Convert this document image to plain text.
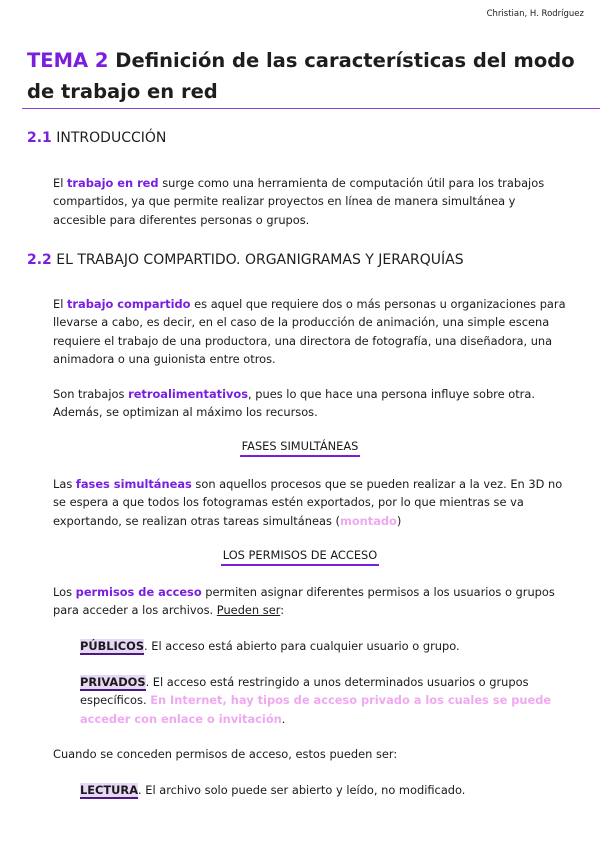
Christian, H. Rodríguez
TEMA 2 Definición de las características del modo de trabajo en red
2.1 INTRODUCCIÓN

El trabajo en red surge como una herramienta de computación útil para los trabajos compartidos, ya que permite realizar proyectos en línea de manera simultánea y accesible para diferentes personas o grupos.

2.2 EL TRABAJO COMPARTIDO. ORGANIGRAMAS Y JERARQUÍAS

El trabajo compartido es aquel que requiere dos o más personas u organizaciones para llevarse a cabo, es decir, en el caso de la producción de animación, una simple escena requiere el trabajo de una productora, una directora de fotografía, una diseñadora, una animadora o una guionista entre otros.

Son trabajos retroalimentativos, pues lo que hace una persona influye sobre otra. Además, se optimizan al máximo los recursos.

FASES SIMULTÁNEAS

Las fases simultáneas son aquellos procesos que se pueden realizar a la vez. En 3D no se espera a que todos los fotogramas estén exportados, por lo que mientras se va exportando, se realizan otras tareas simultáneas (montado)

LOS PERMISOS DE ACCESO

Los permisos de acceso permiten asignar diferentes permisos a los usuarios o grupos para acceder a los archivos. Pueden ser:

PÚBLICOS. El acceso está abierto para cualquier usuario o grupo.

PRIVADOS. El acceso está restringido a unos determinados usuarios o grupos específicos. En Internet, hay tipos de acceso privado a los cuales se puede acceder con enlace o invitación.

Cuando se conceden permisos de acceso, estos pueden ser:

LECTURA. El archivo solo puede ser abierto y leído, no modificado.
